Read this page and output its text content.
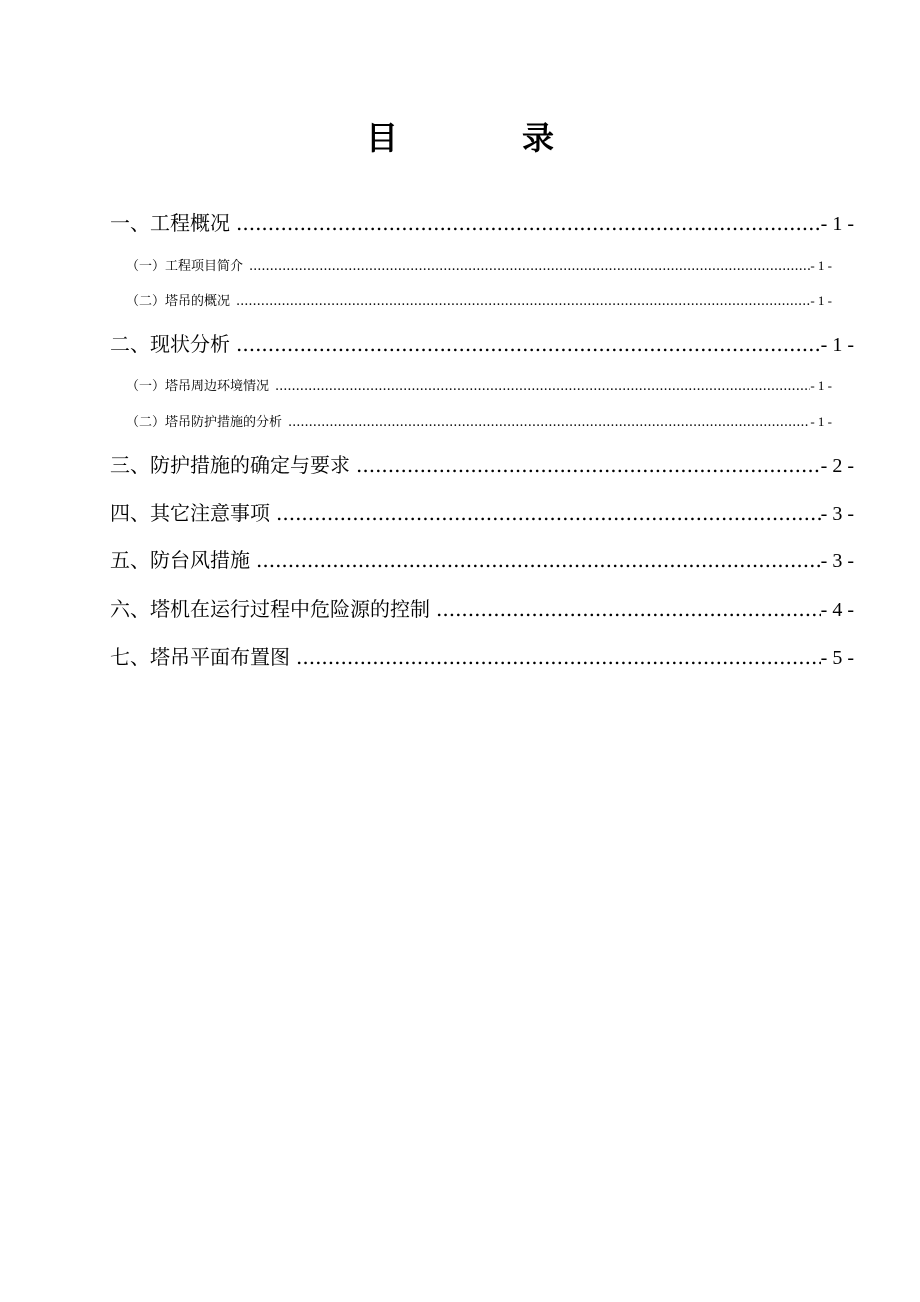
目	录
一、工程概况 .....	- 1 -
（一）工程项目简介 .....	- 1 -
（二）塔吊的概况 .....	- 1 -
二、现状分析 .....	- 1 -
（一）塔吊周边环境情况 .....	- 1 -
（二）塔吊防护措施的分析 .....	- 1 -
三、防护措施的确定与要求 .....	- 2 -
四、其它注意事项 .....	- 3 -
五、防台风措施 .....	- 3 -
六、塔机在运行过程中危险源的控制 .....	- 4 -
七、塔吊平面布置图 .....	- 5 -
